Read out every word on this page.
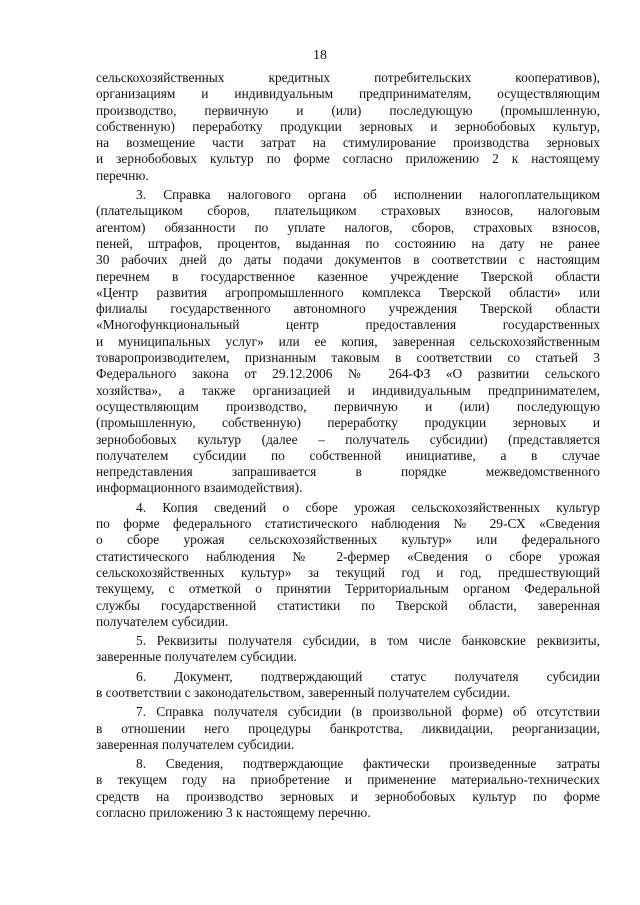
18
сельскохозяйственных кредитных потребительских кооперативов),
организациям и индивидуальным предпринимателям, осуществляющим
производство, первичную и (или) последующую (промышленную,
собственную) переработку продукции зерновых и зернобобовых культур,
на возмещение части затрат на стимулирование производства зерновых
и зернобобовых культур по форме согласно приложению 2 к настоящему
перечню.
3. Справка налогового органа об исполнении налогоплательщиком
(плательщиком сборов, плательщиком страховых взносов, налоговым
агентом) обязанности по уплате налогов, сборов, страховых взносов,
пеней, штрафов, процентов, выданная по состоянию на дату не ранее
30 рабочих дней до даты подачи документов в соответствии с настоящим
перечнем в государственное казенное учреждение Тверской области
«Центр развития агропромышленного комплекса Тверской области» или
филиалы государственного автономного учреждения Тверской области
«Многофункциональный центр предоставления государственных
и муниципальных услуг» или ее копия, заверенная сельскохозяйственным
товаропроизводителем, признанным таковым в соответствии со статьей 3
Федерального закона от 29.12.2006 № 264-ФЗ «О развитии сельского
хозяйства», а также организацией и индивидуальным предпринимателем,
осуществляющим производство, первичную и (или) последующую
(промышленную, собственную) переработку продукции зерновых и
зернобобовых культур (далее – получатель субсидии) (представляется
получателем субсидии по собственной инициативе, а в случае
непредставления запрашивается в порядке межведомственного
информационного взаимодействия).
4. Копия сведений о сборе урожая сельскохозяйственных культур
по форме федерального статистического наблюдения № 29-СХ «Сведения
о сборе урожая сельскохозяйственных культур» или федерального
статистического наблюдения № 2-фермер «Сведения о сборе урожая
сельскохозяйственных культур» за текущий год и год, предшествующий
текущему, с отметкой о принятии Территориальным органом Федеральной
службы государственной статистики по Тверской области, заверенная
получателем субсидии.
5. Реквизиты получателя субсидии, в том числе банковские реквизиты,
заверенные получателем субсидии.
6. Документ, подтверждающий статус получателя субсидии
в соответствии с законодательством, заверенный получателем субсидии.
7. Справка получателя субсидии (в произвольной форме) об отсутствии
в отношении него процедуры банкротства, ликвидации, реорганизации,
заверенная получателем субсидии.
8. Сведения, подтверждающие фактически произведенные затраты
в текущем году на приобретение и применение материально-технических
средств на производство зерновых и зернобобовых культур по форме
согласно приложению 3 к настоящему перечню.
